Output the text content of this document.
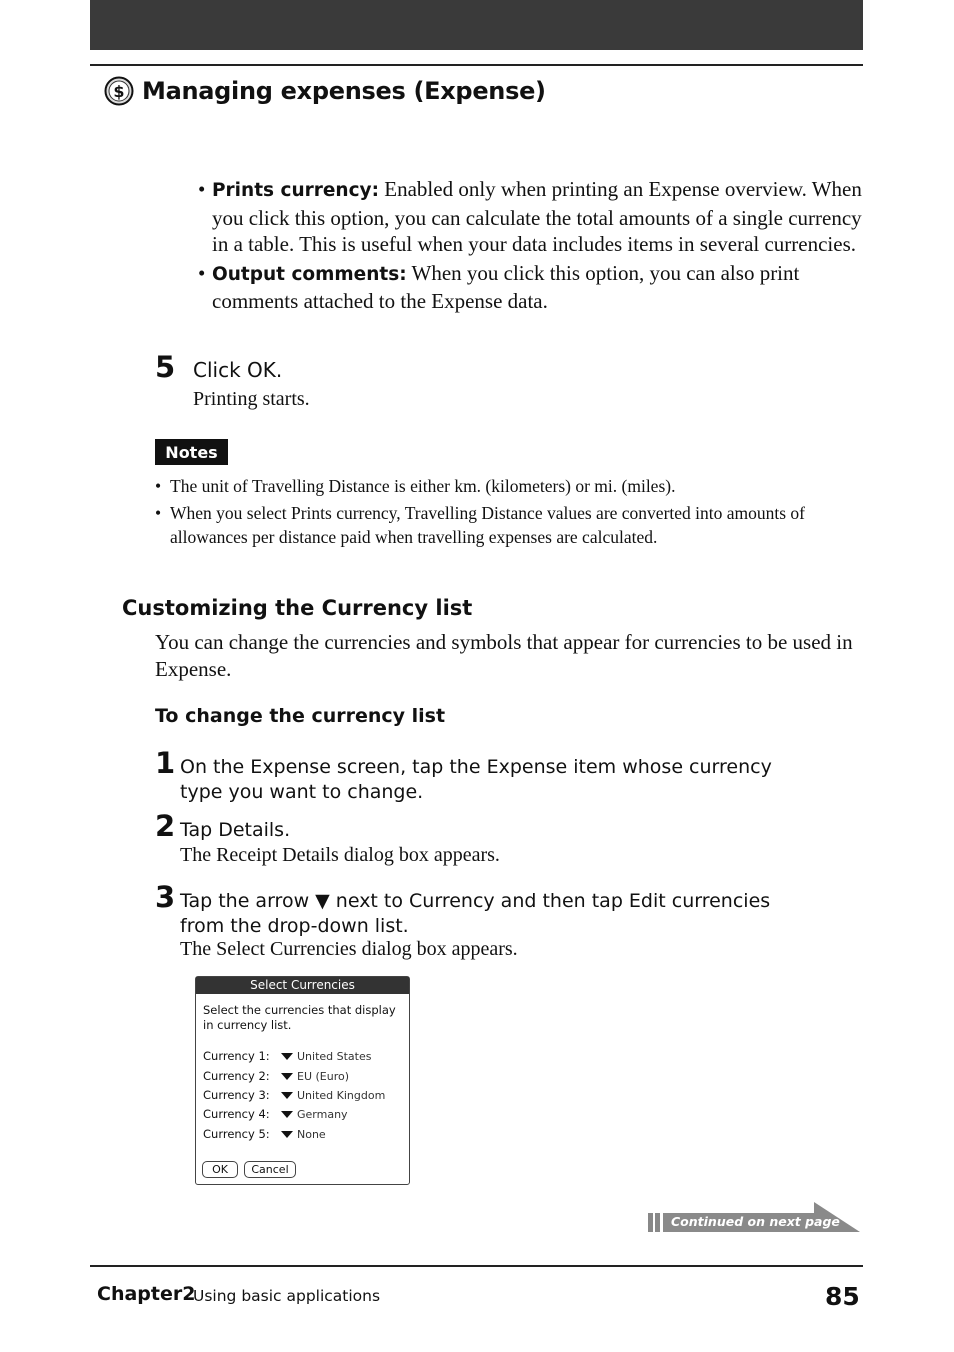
$ Managing expenses (Expense)
• Prints currency: Enabled only when printing an Expense overview. When you click this option, you can calculate the total amounts of a single currency in a table. This is useful when your data includes items in several currencies.
• Output comments: When you click this option, you can also print comments attached to the Expense data.
5 Click OK.
Printing starts.
Notes
• The unit of Travelling Distance is either km. (kilometers) or mi. (miles).
• When you select Prints currency, Travelling Distance values are converted into amounts of allowances per distance paid when travelling expenses are calculated.
Customizing the Currency list
You can change the currencies and symbols that appear for currencies to be used in Expense.
To change the currency list
1 On the Expense screen, tap the Expense item whose currency type you want to change.
2 Tap Details.
The Receipt Details dialog box appears.
3 Tap the arrow ▼ next to Currency and then tap Edit currencies from the drop-down list.
The Select Currencies dialog box appears.
Select Currencies
Select the currencies that display in currency list.
Currency 1:	United States
Currency 2:	EU (Euro)
Currency 3:	United Kingdom
Currency 4:	Germany
Currency 5:	None
OK	Cancel
Continued on next page
Chapter2
Using basic applications	85
